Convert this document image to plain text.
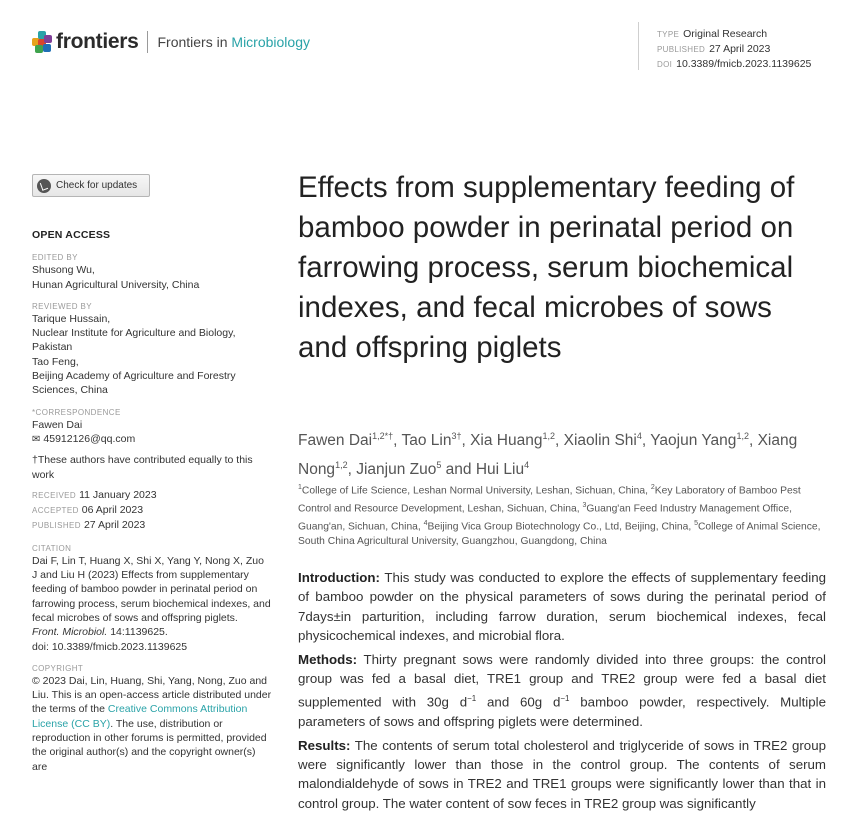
frontiers Frontiers in Microbiology	TYPE Original Research
PUBLISHED 27 April 2023
DOI 10.3389/fmicb.2023.1139625
Check for updates
OPEN ACCESS
EDITED BY
Shusong Wu,
Hunan Agricultural University, China
REVIEWED BY
Tarique Hussain,
Nuclear Institute for Agriculture and Biology,
Pakistan
Tao Feng,
Beijing Academy of Agriculture and Forestry
Sciences, China
*CORRESPONDENCE
Fawen Dai
✉ 45912126@qq.com
†These authors have contributed equally to this work
RECEIVED 11 January 2023
ACCEPTED 06 April 2023
PUBLISHED 27 April 2023
CITATION
Dai F, Lin T, Huang X, Shi X, Yang Y, Nong X, Zuo J and Liu H (2023) Effects from supplementary feeding of bamboo powder in perinatal period on farrowing process, serum biochemical indexes, and fecal microbes of sows and offspring piglets.
Front. Microbiol. 14:1139625.
doi: 10.3389/fmicb.2023.1139625
COPYRIGHT
© 2023 Dai, Lin, Huang, Shi, Yang, Nong, Zuo and Liu. This is an open-access article distributed under the terms of the Creative Commons Attribution License (CC BY). The use, distribution or reproduction in other forums is permitted, provided the original author(s) and the copyright owner(s) are
Effects from supplementary feeding of bamboo powder in perinatal period on farrowing process, serum biochemical indexes, and fecal microbes of sows and offspring piglets
Fawen Dai$^{1,2*\dagger}$, Tao Lin$^{3\dagger}$, Xia Huang$^{1,2}$, Xiaolin Shi$^4$, Yaojun Yang$^{1,2}$, Xiang Nong$^{1,2}$, Jianjun Zuo$^5$ and Hui Liu$^4$
$^1$College of Life Science, Leshan Normal University, Leshan, Sichuan, China, $^2$Key Laboratory of Bamboo Pest Control and Resource Development, Leshan, Sichuan, China, $^3$Guang'an Feed Industry Management Office, Guang'an, Sichuan, China, $^4$Beijing Vica Group Biotechnology Co., Ltd, Beijing, China, $^5$College of Animal Science, South China Agricultural University, Guangzhou, Guangdong, China

Introduction: This study was conducted to explore the effects of supplementary feeding of bamboo powder on the physical parameters of sows during the perinatal period of 7days±in parturition, including farrow duration, serum biochemical indexes, fecal physicochemical indexes, and microbial flora.

Methods: Thirty pregnant sows were randomly divided into three groups: the control group was fed a basal diet, TRE1 group and TRE2 group were fed a basal diet supplemented with 30g $d^{-1}$ and 60g $d^{-1}$ bamboo powder, respectively. Multiple parameters of sows and offspring piglets were determined.

Results: The contents of serum total cholesterol and triglyceride of sows in TRE2 group were significantly lower than those in the control group. The contents of serum malondialdehyde of sows in TRE2 and TRE1 groups were significantly lower than that in control group. The water content of sow feces in TRE2 group was significantly
